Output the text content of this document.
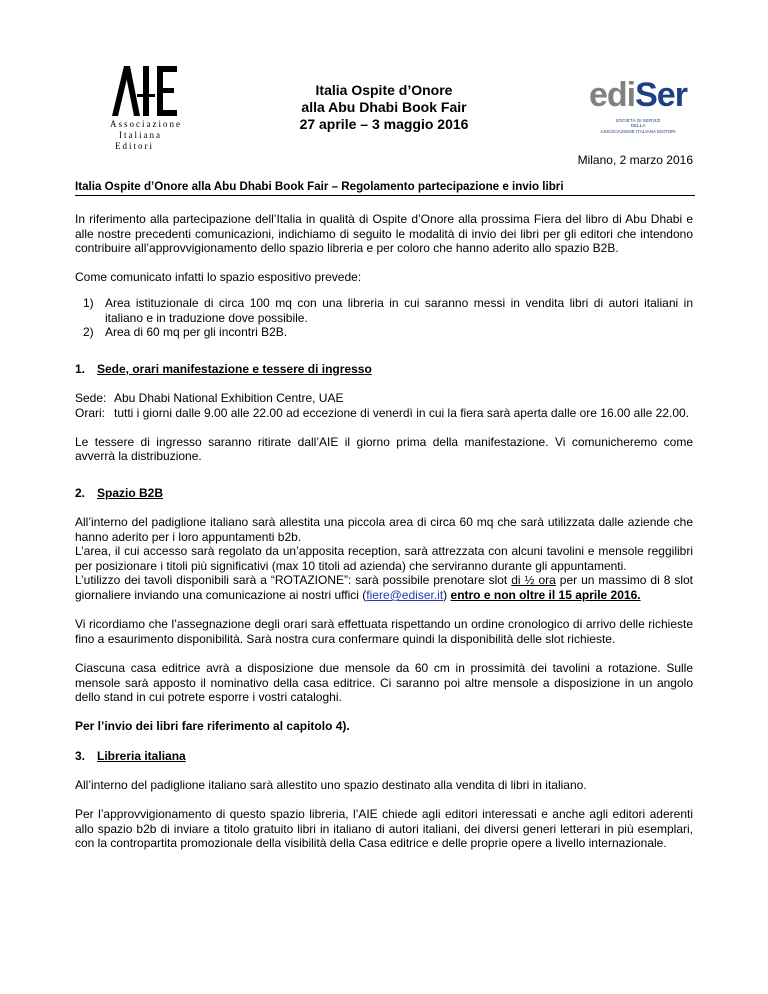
Associazione
Italiana
Editori
Italia Ospite d’Onore
alla Abu Dhabi Book Fair
27 aprile – 3 maggio 2016
ediSer
SOCIETÀ DI SERVIZI
DELLA
ASSOCIAZIONE ITALIANA EDITORI
Milano, 2 marzo 2016
Italia Ospite d’Onore alla Abu Dhabi Book Fair – Regolamento partecipazione e invio libri

In riferimento alla partecipazione dell’Italia in qualità di Ospite d’Onore alla prossima Fiera del libro di Abu Dhabi e alle nostre precedenti comunicazioni, indichiamo di seguito le modalità di invio dei libri per gli editori che intendono contribuire all’approvvigionamento dello spazio libreria e per coloro che hanno aderito allo spazio B2B.

Come comunicato infatti lo spazio espositivo prevede:

1) Area istituzionale di circa 100 mq con una libreria in cui saranno messi in vendita libri di autori italiani in italiano e in traduzione dove possibile.
2) Area di 60 mq per gli incontri B2B.
1. Sede, orari manifestazione e tessere di ingresso
Sede: Abu Dhabi National Exhibition Centre, UAE
Orari: tutti i giorni dalle 9.00 alle 22.00 ad eccezione di venerdì in cui la fiera sarà aperta dalle ore 16.00 alle 22.00.

Le tessere di ingresso saranno ritirate dall’AIE il giorno prima della manifestazione. Vi comunicheremo come avverrà la distribuzione.

2. Spazio B2B

All’interno del padiglione italiano sarà allestita una piccola area di circa 60 mq che sarà utilizzata dalle aziende che hanno aderito per i loro appuntamenti b2b.

L’area, il cui accesso sarà regolato da un’apposita reception, sarà attrezzata con alcuni tavolini e mensole reggilibri per posizionare i titoli più significativi (max 10 titoli ad azienda) che serviranno durante gli appuntamenti.

L’utilizzo dei tavoli disponibili sarà a “ROTAZIONE”: sarà possibile prenotare slot di ½ ora per un massimo di 8 slot giornaliere inviando una comunicazione ai nostri uffici (fiere@ediser.it) entro e non oltre il 15 aprile 2016.

Vi ricordiamo che l’assegnazione degli orari sarà effettuata rispettando un ordine cronologico di arrivo delle richieste fino a esaurimento disponibilità. Sarà nostra cura confermare quindi la disponibilità delle slot richieste.

Ciascuna casa editrice avrà a disposizione due mensole da 60 cm in prossimità dei tavolini a rotazione. Sulle mensole sarà apposto il nominativo della casa editrice. Ci saranno poi altre mensole a disposizione in un angolo dello stand in cui potrete esporre i vostri cataloghi.

Per l’invio dei libri fare riferimento al capitolo 4).

3. Libreria italiana

All’interno del padiglione italiano sarà allestito uno spazio destinato alla vendita di libri in italiano.

Per l’approvvigionamento di questo spazio libreria, l’AIE chiede agli editori interessati e anche agli editori aderenti allo spazio b2b di inviare a titolo gratuito libri in italiano di autori italiani, dei diversi generi letterari in più esemplari, con la contropartita promozionale della visibilità della Casa editrice e delle proprie opere a livello internazionale.
